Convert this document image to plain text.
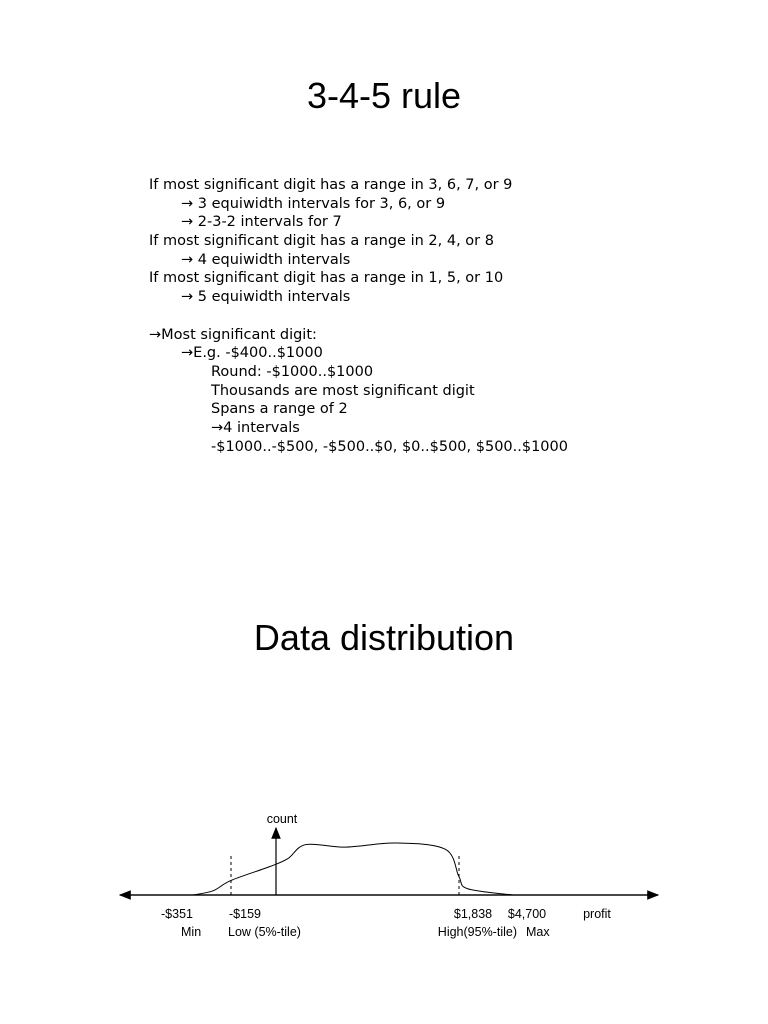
3-4-5 rule
If most significant digit has a range in 3, 6, 7, or 9
→ 3 equiwidth intervals for 3, 6, or 9
→ 2-3-2 intervals for 7
If most significant digit has a range in 2, 4, or 8
→ 4 equiwidth intervals
If most significant digit has a range in 1, 5, or 10
→ 5 equiwidth intervals
→Most significant digit:
→E.g. -$400..$1000
Round: -$1000..$1000
Thousands are most significant digit
Spans a range of 2
→4 intervals
-$1000..-$500, -$500..$0, $0..$500, $500..$1000
Data distribution
count
profit
-$351
Min
-$159
Low (5%-tile)
$1,838
High(95%-tile)
$4,700
Max
